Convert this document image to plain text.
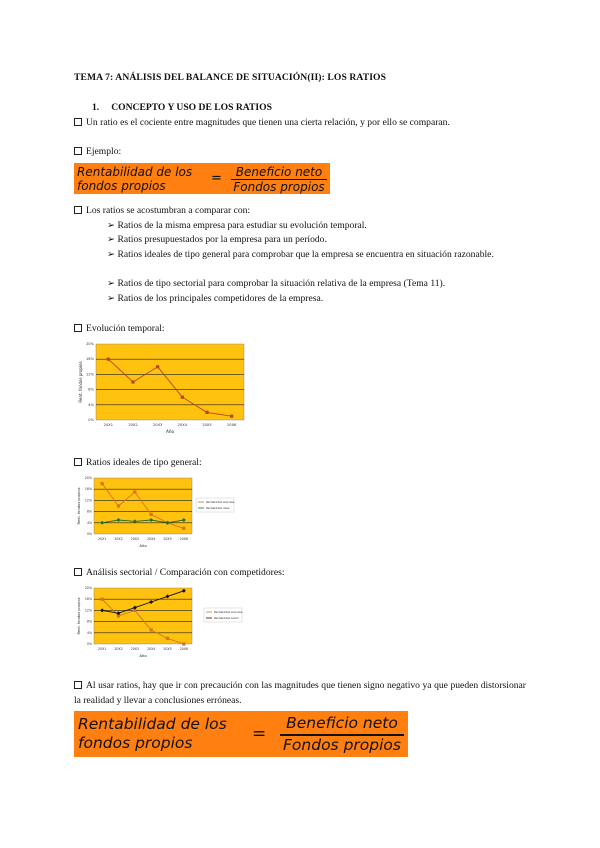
TEMA 7: ANÁLISIS DEL BALANCE DE SITUACIÓN(II): LOS RATIOS
1. CONCEPTO Y USO DE LOS RATIOS
Un ratio es el cociente entre magnitudes que tienen una cierta relación, y por ello se comparan.
Ejemplo:
Rentabilidad de los
fondos propios	=	Beneficio neto
Fondos propios
Los ratios se acostumbran a comparar con:
➢ Ratios de la misma empresa para estudiar su evolución temporal.
➢ Ratios presupuestados por la empresa para un período.
➢ Ratios ideales de tipo general para comprobar que la empresa se encuentra en situación razonable.
➢ Ratios de tipo sectorial para comprobar la situación relativa de la empresa (Tema 11).
➢ Ratios de los principales competidores de la empresa.
Evolución temporal:
0%
4%
8%
12%
16%
20%
20X1	20X2	20X3	20X4	20X5	20X6
Año
Rent. fondos propios
Ratios ideales de tipo general:
0%
4%
8%
12%
16%
20%
20X1	20X2	20X3	20X4	20X5	20X6
Año
Rent. fondos propios	Rentabilidad empresa
Rentabilidad ideal
Análisis sectorial / Comparación con competidores:
0%
4%
8%
12%
16%
20%
20X1	20X2	20X3	20X4	20X5	20X6
Año
Rent. fondos propios	Rentabilidad empresa
Rentabilidad sector
Al usar ratios, hay que ir con precaución con las magnitudes que tienen signo negativo ya que pueden distorsionar la realidad y llevar a conclusiones erróneas.
Rentabilidad de los
fondos propios	=
Beneficio neto
Fondos propios
